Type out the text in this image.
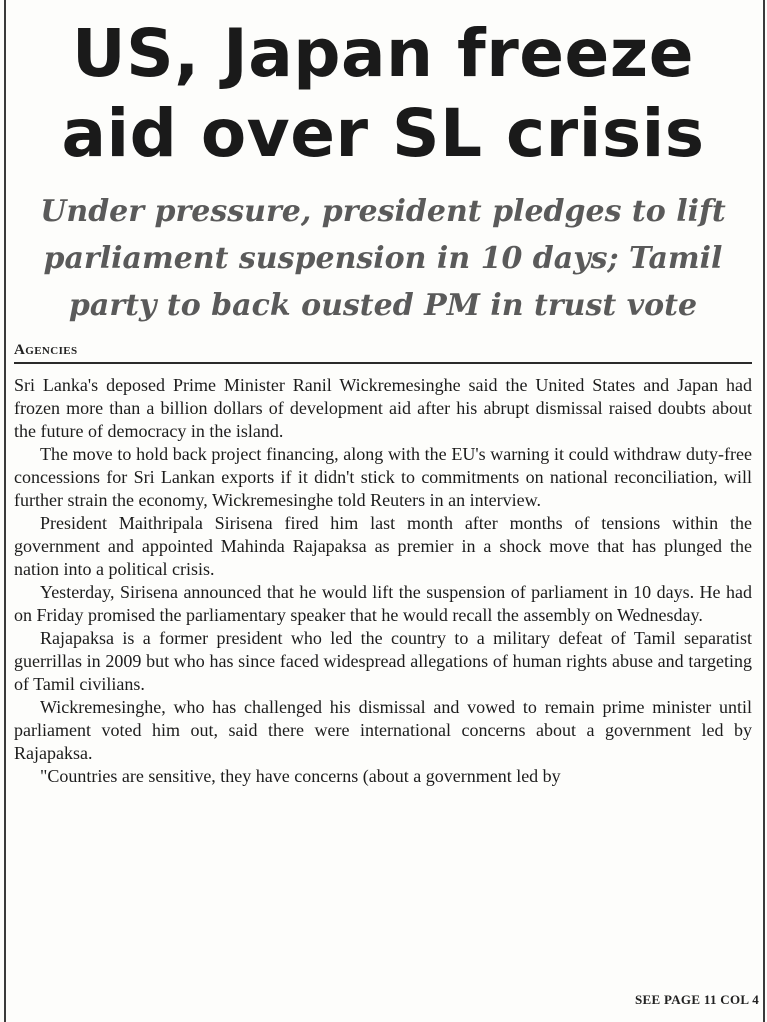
US, Japan freeze
aid over SL crisis
Under pressure, president pledges to lift
parliament suspension in 10 days; Tamil
party to back ousted PM in trust vote
Agencies

Sri Lanka's deposed Prime Minister Ranil Wickremesinghe said the United States and Japan had frozen more than a billion dollars of development aid after his abrupt dismissal raised doubts about the future of democracy in the island.

The move to hold back project financing, along with the EU's warning it could withdraw duty-free concessions for Sri Lankan exports if it didn't stick to commitments on national reconciliation, will further strain the economy, Wickremesinghe told Reuters in an interview.

President Maithripala Sirisena fired him last month after months of tensions within the government and appointed Mahinda Rajapaksa as premier in a shock move that has plunged the nation into a political crisis.

Yesterday, Sirisena announced that he would lift the suspension of parliament in 10 days. He had on Friday promised the parliamentary speaker that he would recall the assembly on Wednesday.

Rajapaksa is a former president who led the country to a military defeat of Tamil separatist guerrillas in 2009 but who has since faced widespread allegations of human rights abuse and targeting of Tamil civilians.

Wickremesinghe, who has challenged his dismissal and vowed to remain prime minister until parliament voted him out, said there were international concerns about a government led by Rajapaksa.

"Countries are sensitive, they have concerns (about a government led by

SEE PAGE 11 COL 4
